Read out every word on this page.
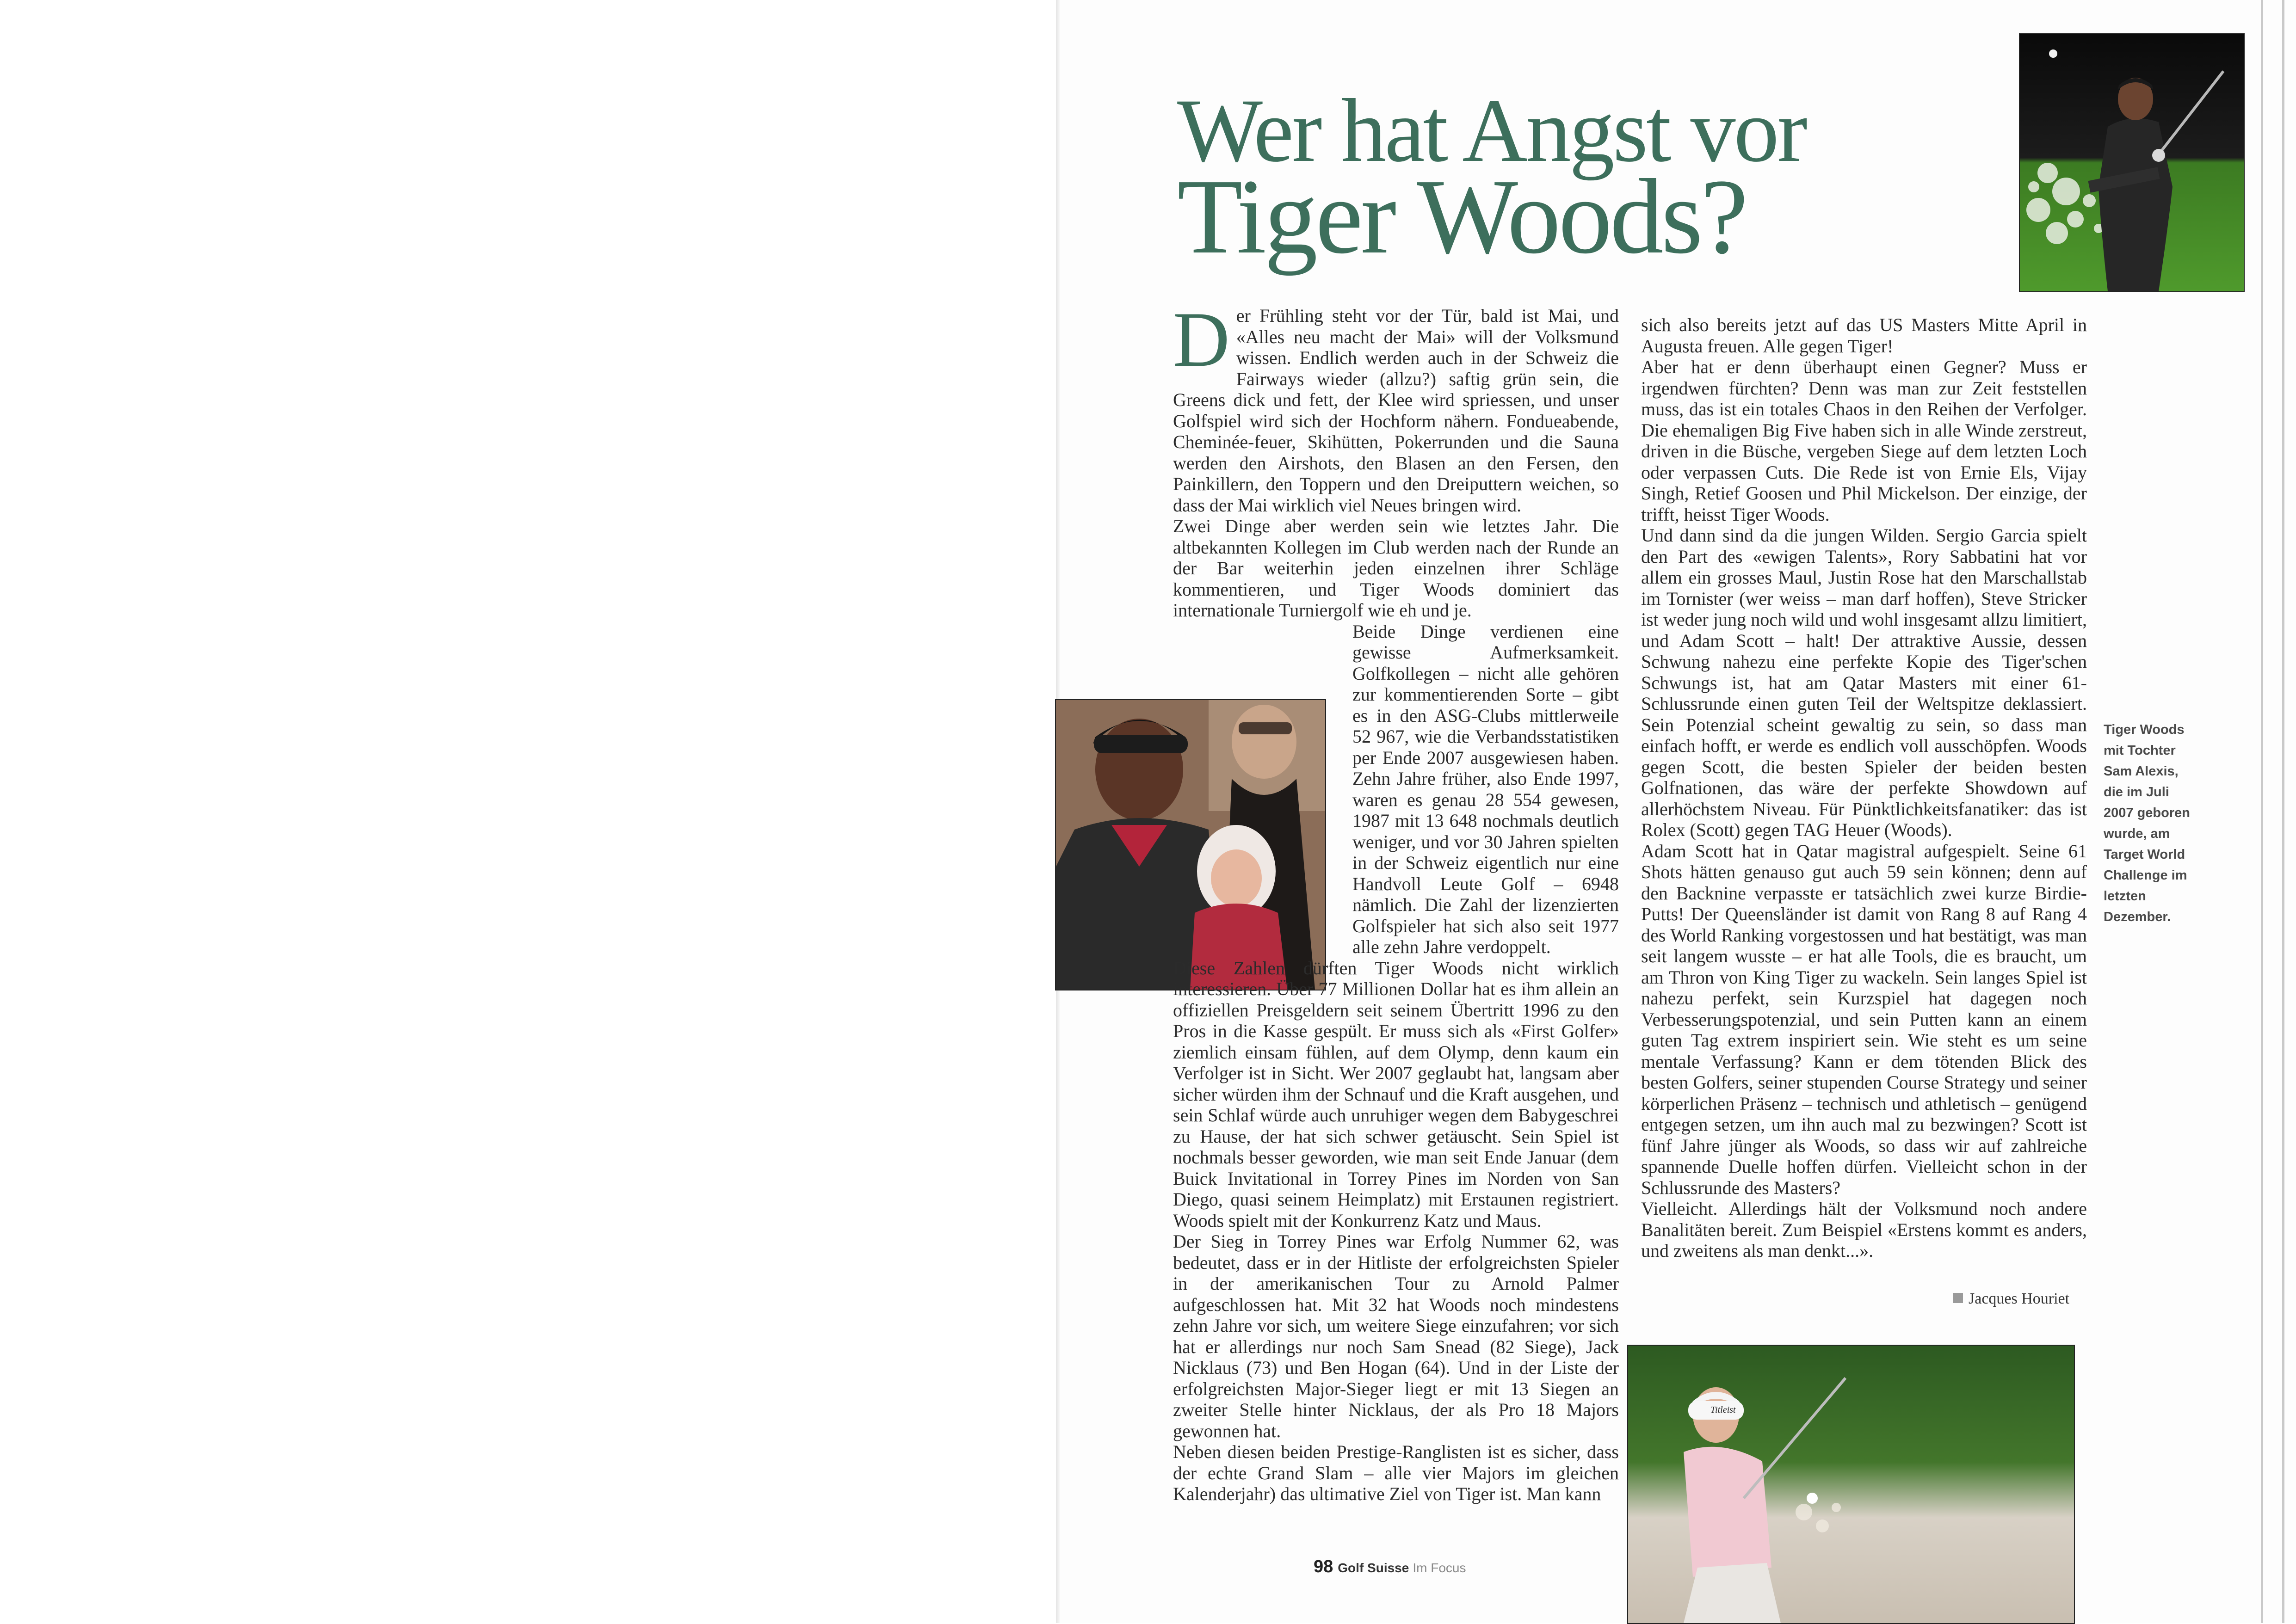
Wer hat Angst vor
Tiger Woods?
Titleist

Der Frühling steht vor der Tür, bald ist Mai, und «Alles neu macht der Mai» will der Volksmund wissen. Endlich werden auch in der Schweiz die Fairways wieder (allzu?) saftig grün sein, die Greens dick und fett, der Klee wird spriessen, und unser Golfspiel wird sich der Hochform nähern. Fondueabende, Cheminée-feuer, Skihütten, Pokerrunden und die Sauna werden den Airshots, den Blasen an den Fersen, den Painkillern, den Toppern und den Dreiputtern weichen, so dass der Mai wirklich viel Neues bringen wird.

Zwei Dinge aber werden sein wie letztes Jahr. Die altbekannten Kollegen im Club werden nach der Runde an der Bar weiterhin jeden einzelnen ihrer Schläge kommentieren, und Tiger Woods dominiert das internationale Turniergolf wie eh und je.

Beide Dinge verdienen eine gewisse Aufmerksamkeit. Golfkollegen – nicht alle gehören zur kommentierenden Sorte – gibt es in den ASG-Clubs mittlerweile 52 967, wie die Verbandsstatistiken per Ende 2007 ausgewiesen haben. Zehn Jahre früher, also Ende 1997, waren es genau 28 554 gewesen, 1987 mit 13 648 nochmals deutlich weniger, und vor 30 Jahren spielten in der Schweiz eigentlich nur eine Handvoll Leute Golf – 6948 nämlich. Die Zahl der lizenzierten Golfspieler hat sich also seit 1977 alle zehn Jahre verdoppelt.

Diese Zahlen dürften Tiger Woods nicht wirklich interessieren. Über 77 Millionen Dollar hat es ihm allein an offiziellen Preisgeldern seit seinem Übertritt 1996 zu den Pros in die Kasse gespült. Er muss sich als «First Golfer» ziemlich einsam fühlen, auf dem Olymp, denn kaum ein Verfolger ist in Sicht. Wer 2007 geglaubt hat, langsam aber sicher würden ihm der Schnauf und die Kraft ausgehen, und sein Schlaf würde auch unruhiger wegen dem Babygeschrei zu Hause, der hat sich schwer getäuscht. Sein Spiel ist nochmals besser geworden, wie man seit Ende Januar (dem Buick Invitational in Torrey Pines im Norden von San Diego, quasi seinem Heimplatz) mit Erstaunen registriert. Woods spielt mit der Konkurrenz Katz und Maus.

Der Sieg in Torrey Pines war Erfolg Nummer 62, was bedeutet, dass er in der Hitliste der erfolgreichsten Spieler in der amerikanischen Tour zu Arnold Palmer aufgeschlossen hat. Mit 32 hat Woods noch mindestens zehn Jahre vor sich, um weitere Siege einzufahren; vor sich hat er allerdings nur noch Sam Snead (82 Siege), Jack Nicklaus (73) und Ben Hogan (64). Und in der Liste der erfolgreichsten Major-Sieger liegt er mit 13 Siegen an zweiter Stelle hinter Nicklaus, der als Pro 18 Majors gewonnen hat.

Neben diesen beiden Prestige-Ranglisten ist es sicher, dass der echte Grand Slam – alle vier Majors im gleichen Kalenderjahr) das ultimative Ziel von Tiger ist. Man kann

sich also bereits jetzt auf das US Masters Mitte April in Augusta freuen. Alle gegen Tiger!

Aber hat er denn überhaupt einen Gegner? Muss er irgendwen fürchten? Denn was man zur Zeit feststellen muss, das ist ein totales Chaos in den Reihen der Verfolger. Die ehemaligen Big Five haben sich in alle Winde zerstreut, driven in die Büsche, vergeben Siege auf dem letzten Loch oder verpassen Cuts. Die Rede ist von Ernie Els, Vijay Singh, Retief Goosen und Phil Mickelson. Der einzige, der trifft, heisst Tiger Woods.

Und dann sind da die jungen Wilden. Sergio Garcia spielt den Part des «ewigen Talents», Rory Sabbatini hat vor allem ein grosses Maul, Justin Rose hat den Marschallstab im Tornister (wer weiss – man darf hoffen), Steve Stricker ist weder jung noch wild und wohl insgesamt allzu limitiert, und Adam Scott – halt! Der attraktive Aussie, dessen Schwung nahezu eine perfekte Kopie des Tiger'schen Schwungs ist, hat am Qatar Masters mit einer 61-Schlussrunde einen guten Teil der Weltspitze deklassiert. Sein Potenzial scheint gewaltig zu sein, so dass man einfach hofft, er werde es endlich voll ausschöpfen. Woods gegen Scott, die besten Spieler der beiden besten Golfnationen, das wäre der perfekte Showdown auf allerhöchstem Niveau. Für Pünktlichkeitsfanatiker: das ist Rolex (Scott) gegen TAG Heuer (Woods).

Adam Scott hat in Qatar magistral aufgespielt. Seine 61 Shots hätten genauso gut auch 59 sein können; denn auf den Backnine verpasste er tatsächlich zwei kurze Birdie-Putts! Der Queensländer ist damit von Rang 8 auf Rang 4 des World Ranking vorgestossen und hat bestätigt, was man seit langem wusste – er hat alle Tools, die es braucht, um am Thron von King Tiger zu wackeln. Sein langes Spiel ist nahezu perfekt, sein Kurzspiel hat dagegen noch Verbesserungspotenzial, und sein Putten kann an einem guten Tag extrem inspiriert sein. Wie steht es um seine mentale Verfassung? Kann er dem tötenden Blick des besten Golfers, seiner stupenden Course Strategy und seiner körperlichen Präsenz – technisch und athletisch – genügend entgegen setzen, um ihn auch mal zu bezwingen? Scott ist fünf Jahre jünger als Woods, so dass wir auf zahlreiche spannende Duelle hoffen dürfen. Vielleicht schon in der Schlussrunde des Masters?

Vielleicht. Allerdings hält der Volksmund noch andere Banalitäten bereit. Zum Beispiel «Erstens kommt es anders, und zweitens als man denkt...».

Jacques Houriet
Tiger Woods mit Tochter Sam Alexis, die im Juli 2007 geboren wurde, am Target World Challenge im letzten Dezember.
98 Golf Suisse Im Focus
